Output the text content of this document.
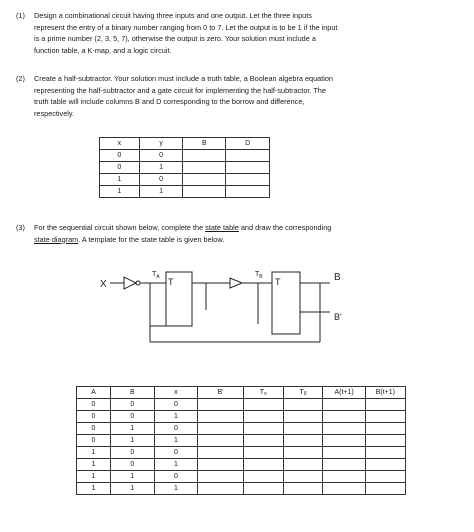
(1) Design a combinational circuit having three inputs and one output. Let the three inputs
represent the entry of a binary number ranging from 0 to 7. Let the output is to be 1 if the input
is a prime number (2, 3, 5, 7), otherwise the output is zero. Your solution must include a
function table, a K-map, and a logic circuit.
(2) Create a half-subtractor. Your solution must include a truth table, a Boolean algebra equation
representing the half-subtractor and a gate circuit for implementing the half-subtractor. The
truth table will include columns B and D corresponding to the borrow and difference,
respectively.
x	y	B	D
0	0		
0	1		
1	0		
1	1		
(3) For the sequential circuit shown below, complete the state table and draw the corresponding
state diagram. A template for the state table is given below.
X
$T_A$ T
$T_B$ T	B
B'
A	B	x	B'	Tₐ	Tᵦ	A(t+1)	B(t+1)
0	0	0					
0	0	1					
0	1	0					
0	1	1					
1	0	0					
1	0	1					
1	1	0					
1	1	1					
